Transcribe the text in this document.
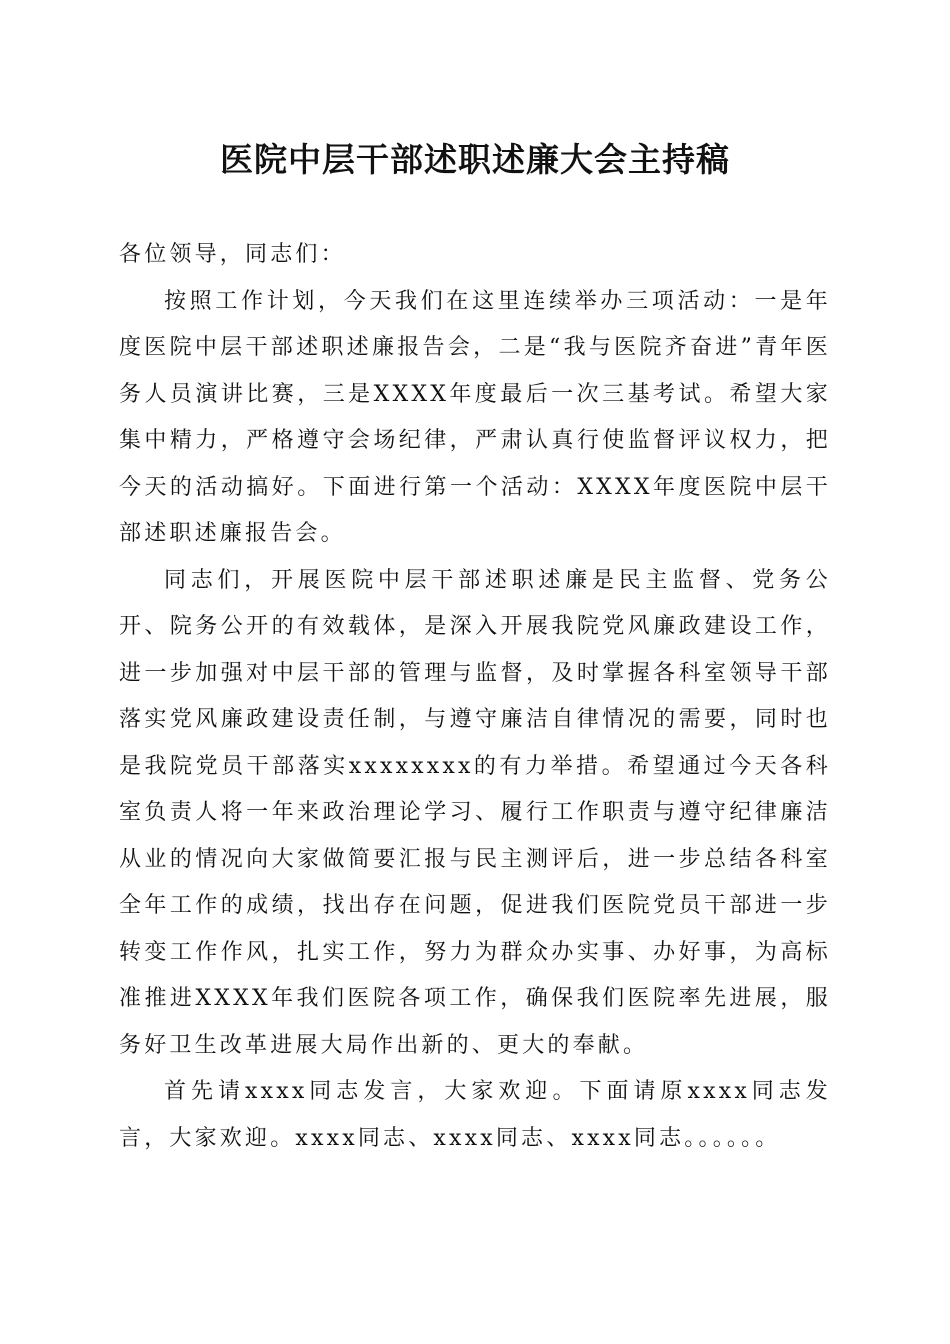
医院中层干部述职述廉大会主持稿

各位领导，同志们：

按照工作计划，今天我们在这里连续举办三项活动：一是年度医院中层干部述职述廉报告会，二是“我与医院齐奋进”青年医务人员演讲比赛，三是XXXX年度最后一次三基考试。希望大家集中精力，严格遵守会场纪律，严肃认真行使监督评议权力，把今天的活动搞好。下面进行第一个活动：XXXX年度医院中层干部述职述廉报告会。

同志们，开展医院中层干部述职述廉是民主监督、党务公开、院务公开的有效载体，是深入开展我院党风廉政建设工作，进一步加强对中层干部的管理与监督，及时掌握各科室领导干部落实党风廉政建设责任制，与遵守廉洁自律情况的需要，同时也是我院党员干部落实xxxxxxxx的有力举措。希望通过今天各科室负责人将一年来政治理论学习、履行工作职责与遵守纪律廉洁从业的情况向大家做简要汇报与民主测评后，进一步总结各科室全年工作的成绩，找出存在问题，促进我们医院党员干部进一步转变工作作风，扎实工作，努力为群众办实事、办好事，为高标准推进XXXX年我们医院各项工作，确保我们医院率先进展，服务好卫生改革进展大局作出新的、更大的奉献。

首先请xxxx同志发言，大家欢迎。下面请原xxxx同志发言，大家欢迎。xxxx同志、xxxx同志、xxxx同志。。。。。。
